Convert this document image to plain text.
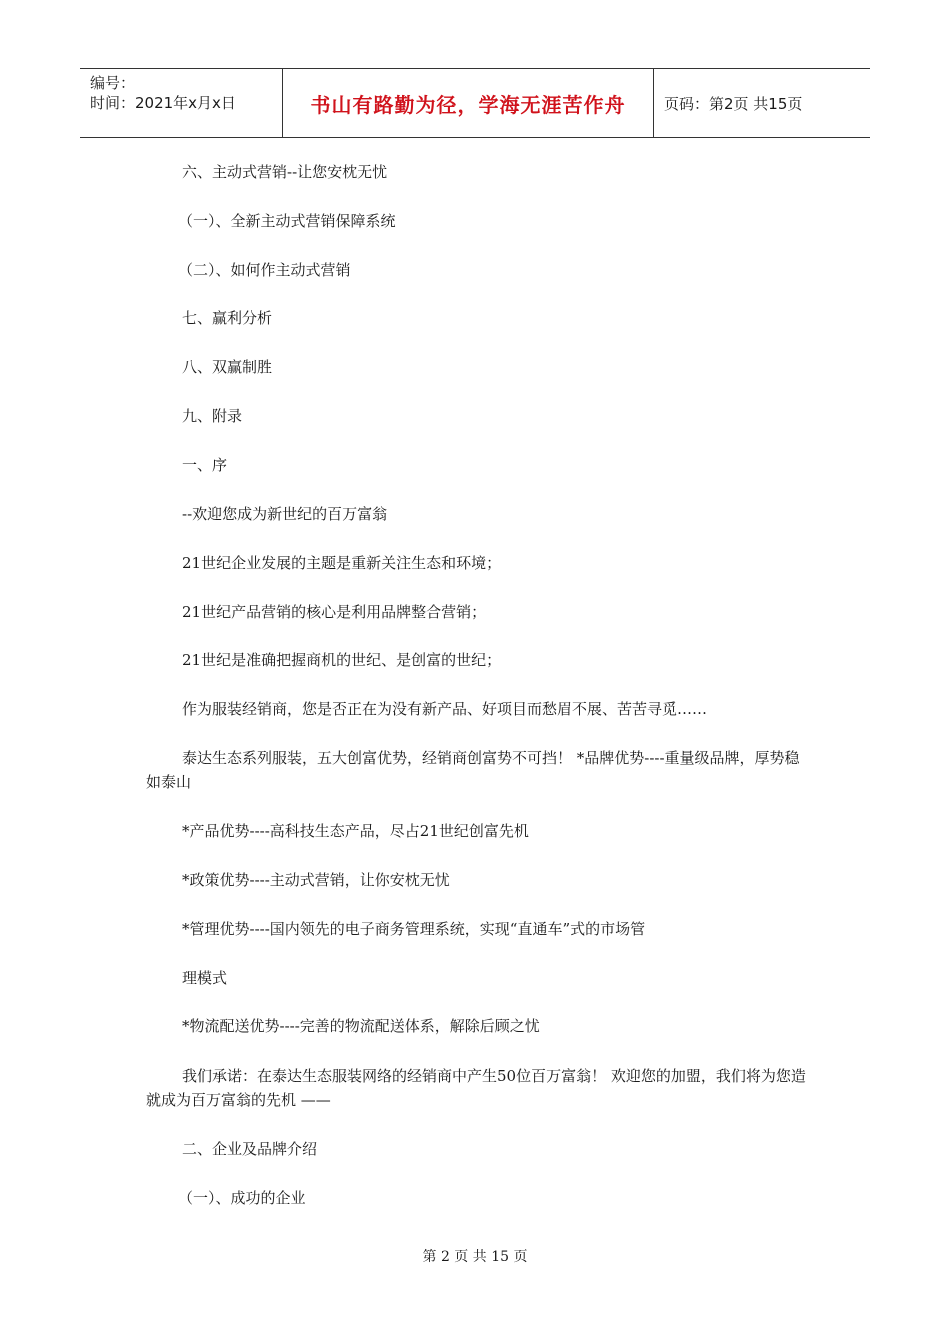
编号：
时间：2021年x月x日	书山有路勤为径，学海无涯苦作舟	页码：第2页 共15页
六、主动式营销--让您安枕无忧
（一）、全新主动式营销保障系统
（二）、如何作主动式营销
七、赢利分析
八、双赢制胜
九、附录
一、序
--欢迎您成为新世纪的百万富翁
21世纪企业发展的主题是重新关注生态和环境；
21世纪产品营销的核心是利用品牌整合营销；
21世纪是准确把握商机的世纪、是创富的世纪；
作为服装经销商，您是否正在为没有新产品、好项目而愁眉不展、苦苦寻觅……
泰达生态系列服装，五大创富优势，经销商创富势不可挡！ *品牌优势----重量级品牌，厚势稳如泰山
*产品优势----高科技生态产品，尽占21世纪创富先机
*政策优势----主动式营销，让你安枕无忧
*管理优势----国内领先的电子商务管理系统，实现“直通车”式的市场管
理模式
*物流配送优势----完善的物流配送体系，解除后顾之忧
我们承诺：在泰达生态服装网络的经销商中产生50位百万富翁！ 欢迎您的加盟，我们将为您造就成为百万富翁的先机 ——
二、企业及品牌介绍
（一）、成功的企业
第 2 页 共 15 页
